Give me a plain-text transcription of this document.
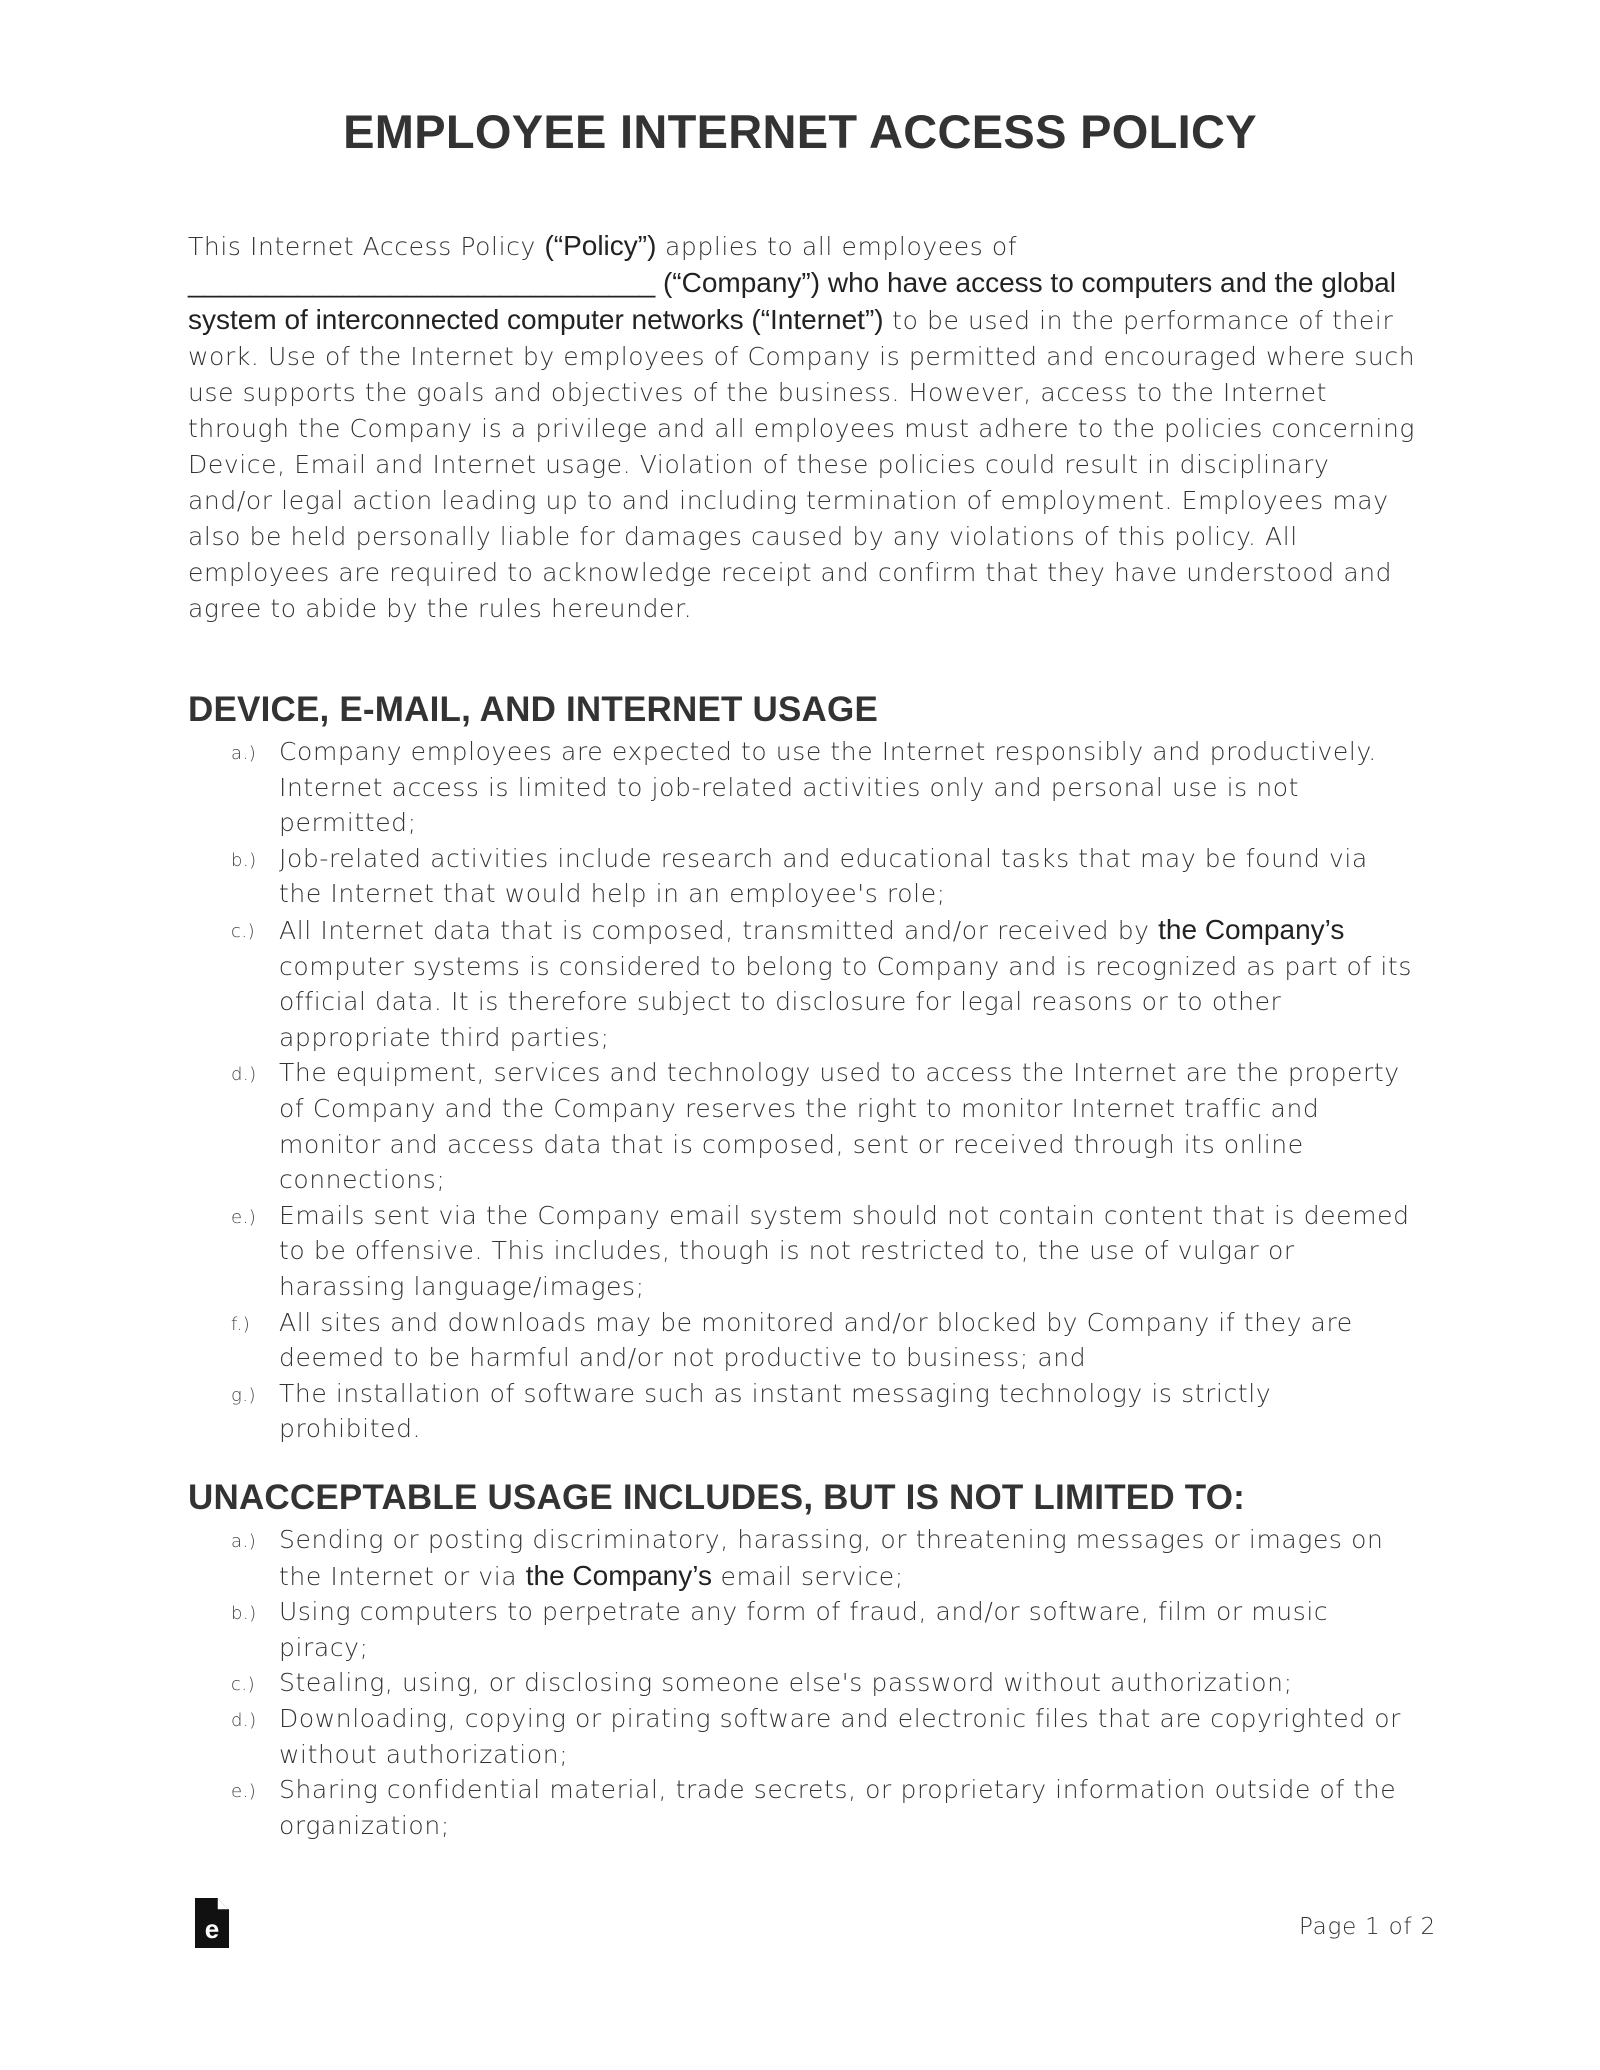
EMPLOYEE INTERNET ACCESS POLICY

This Internet Access Policy (“Policy”) applies to all employees of
______________________________ (“Company”) who have access to computers and the global system of interconnected computer networks (“Internet”) to be used in the performance of their work. Use of the Internet by employees of Company is permitted and encouraged where such use supports the goals and objectives of the business. However, access to the Internet through the Company is a privilege and all employees must adhere to the policies concerning Device, Email and Internet usage. Violation of these policies could result in disciplinary and/or legal action leading up to and including termination of employment. Employees may also be held personally liable for damages caused by any violations of this policy. All employees are required to acknowledge receipt and confirm that they have understood and agree to abide by the rules hereunder.

DEVICE, E-MAIL, AND INTERNET USAGE
a.) Company employees are expected to use the Internet responsibly and productively. Internet access is limited to job-related activities only and personal use is not permitted;
b.) Job-related activities include research and educational tasks that may be found via the Internet that would help in an employee's role;
c.) All Internet data that is composed, transmitted and/or received by the Company’s computer systems is considered to belong to Company and is recognized as part of its official data. It is therefore subject to disclosure for legal reasons or to other appropriate third parties;
d.) The equipment, services and technology used to access the Internet are the property of Company and the Company reserves the right to monitor Internet traffic and monitor and access data that is composed, sent or received through its online connections;
e.) Emails sent via the Company email system should not contain content that is deemed to be offensive. This includes, though is not restricted to, the use of vulgar or harassing language/images;
f.) All sites and downloads may be monitored and/or blocked by Company if they are deemed to be harmful and/or not productive to business; and
g.) The installation of software such as instant messaging technology is strictly prohibited.
UNACCEPTABLE USAGE INCLUDES, BUT IS NOT LIMITED TO:
a.) Sending or posting discriminatory, harassing, or threatening messages or images on the Internet or via the Company’s email service;
b.) Using computers to perpetrate any form of fraud, and/or software, film or music piracy;
c.) Stealing, using, or disclosing someone else's password without authorization;
d.) Downloading, copying or pirating software and electronic files that are copyrighted or without authorization;
e.) Sharing confidential material, trade secrets, or proprietary information outside of the organization;
e	Page 1 of 2
